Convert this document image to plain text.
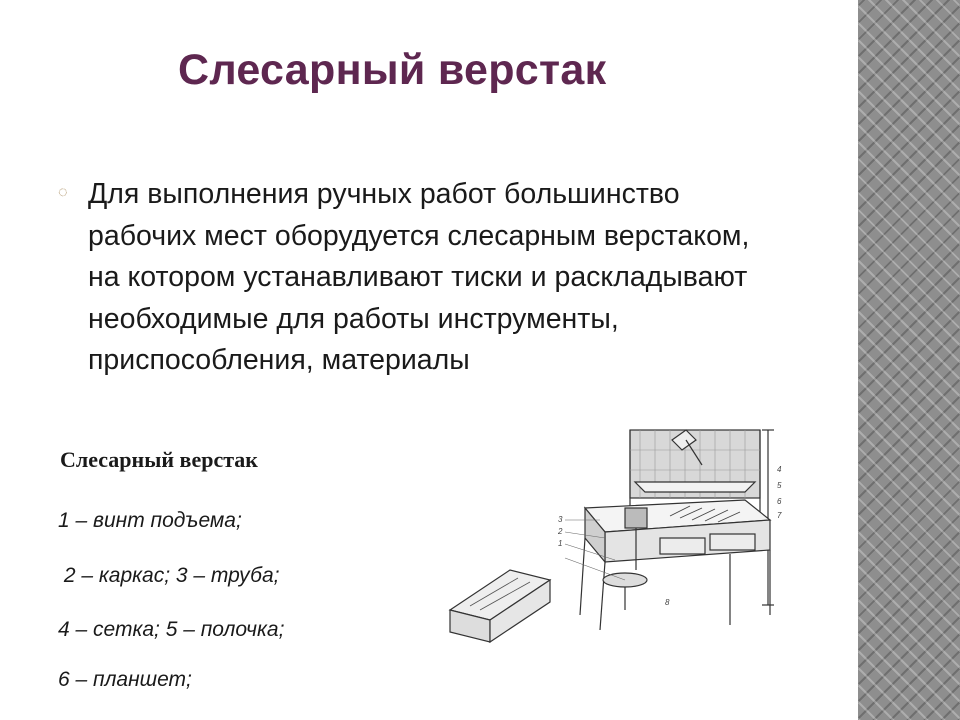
Слесарный верстак
◌ Для выполнения ручных работ большинство рабочих мест оборудуется слесарным верстаком, на котором устанавливают тиски и раскладывают необходимые для работы инструменты, приспособления, материалы
Слесарный верстак
1 – винт подъема;
2 – каркас; 3 – труба;
4 – сетка; 5 – полочка;
6 – планшет;
3
2
1
4
5
6
7
8
